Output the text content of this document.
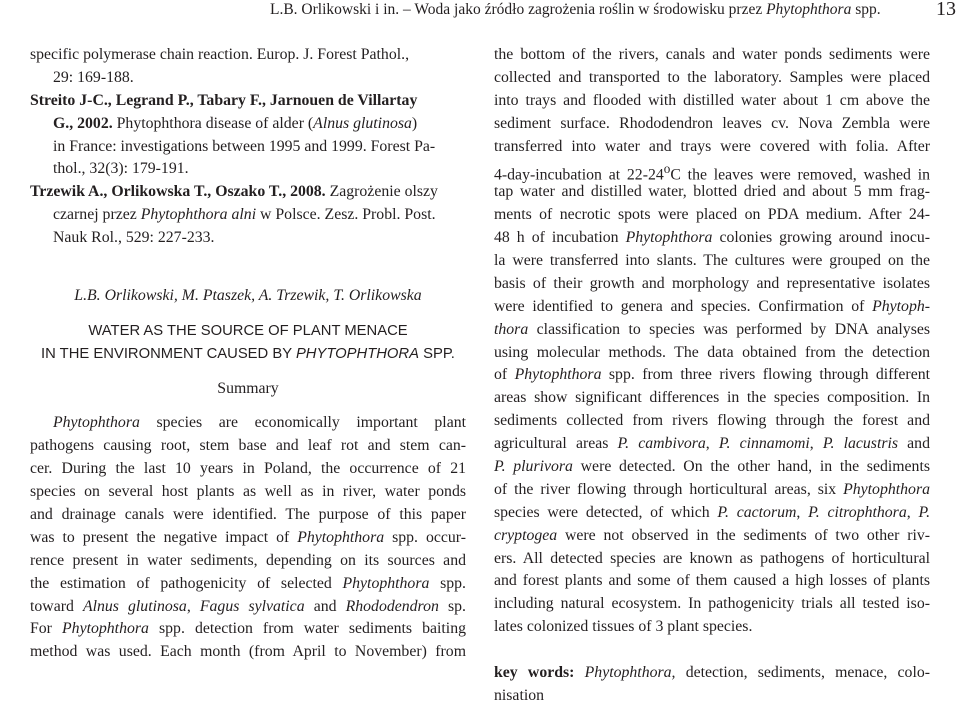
L.B. Orlikowski i in. – Woda jako źródło zagrożenia roślin w środowisku przez Phytophthora spp.	13
specific polymerase chain reaction. Europ. J. Forest Pathol.,
29: 169-188.
Streito J-C., Legrand P., Tabary F., Jarnouen de Villartay
G., 2002. Phytophthora disease of alder (Alnus glutinosa)
in France: investigations between 1995 and 1999. Forest Pa-
thol., 32(3): 179-191.
Trzewik A., Orlikowska T., Oszako T., 2008. Zagrożenie olszy
czarnej przez Phytophthora alni w Polsce. Zesz. Probl. Post.
Nauk Rol., 529: 227-233.
L.B. Orlikowski, M. Ptaszek, A. Trzewik, T. Orlikowska
WATER AS THE SOURCE OF PLANT MENACE
IN THE ENVIRONMENT CAUSED BY PHYTOPHTHORA SPP.
Summary
Phytophthora species are economically important plant
pathogens causing root, stem base and leaf rot and stem can-
cer. During the last 10 years in Poland, the occurrence of 21
species on several host plants as well as in river, water ponds
and drainage canals were identified. The purpose of this paper
was to present the negative impact of Phytophthora spp. occur-
rence present in water sediments, depending on its sources and
the estimation of pathogenicity of selected Phytophthora spp.
toward Alnus glutinosa, Fagus sylvatica and Rhododendron sp.
For Phytophthora spp. detection from water sediments baiting
method was used. Each month (from April to November) from
the bottom of the rivers, canals and water ponds sediments were
collected and transported to the laboratory. Samples were placed
into trays and flooded with distilled water about 1 cm above the
sediment surface. Rhododendron leaves cv. Nova Zembla were
transferred into water and trays were covered with folia. After
4-day-incubation at 22-24$^o$C the leaves were removed, washed in
tap water and distilled water, blotted dried and about 5 mm frag-
ments of necrotic spots were placed on PDA medium. After 24-
48 h of incubation Phytophthora colonies growing around inocu-
la were transferred into slants. The cultures were grouped on the
basis of their growth and morphology and representative isolates
were identified to genera and species. Confirmation of Phytoph-
thora classification to species was performed by DNA analyses
using molecular methods. The data obtained from the detection
of Phytophthora spp. from three rivers flowing through different
areas show significant differences in the species composition. In
sediments collected from rivers flowing through the forest and
agricultural areas P. cambivora, P. cinnamomi, P. lacustris and
P. plurivora were detected. On the other hand, in the sediments
of the river flowing through horticultural areas, six Phytophthora
species were detected, of which P. cactorum, P. citrophthora, P.
cryptogea were not observed in the sediments of two other riv-
ers. All detected species are known as pathogens of horticultural
and forest plants and some of them caused a high losses of plants
including natural ecosystem. In pathogenicity trials all tested iso-
lates colonized tissues of 3 plant species.
key words: Phytophthora, detection, sediments, menace, colo-
nisation
